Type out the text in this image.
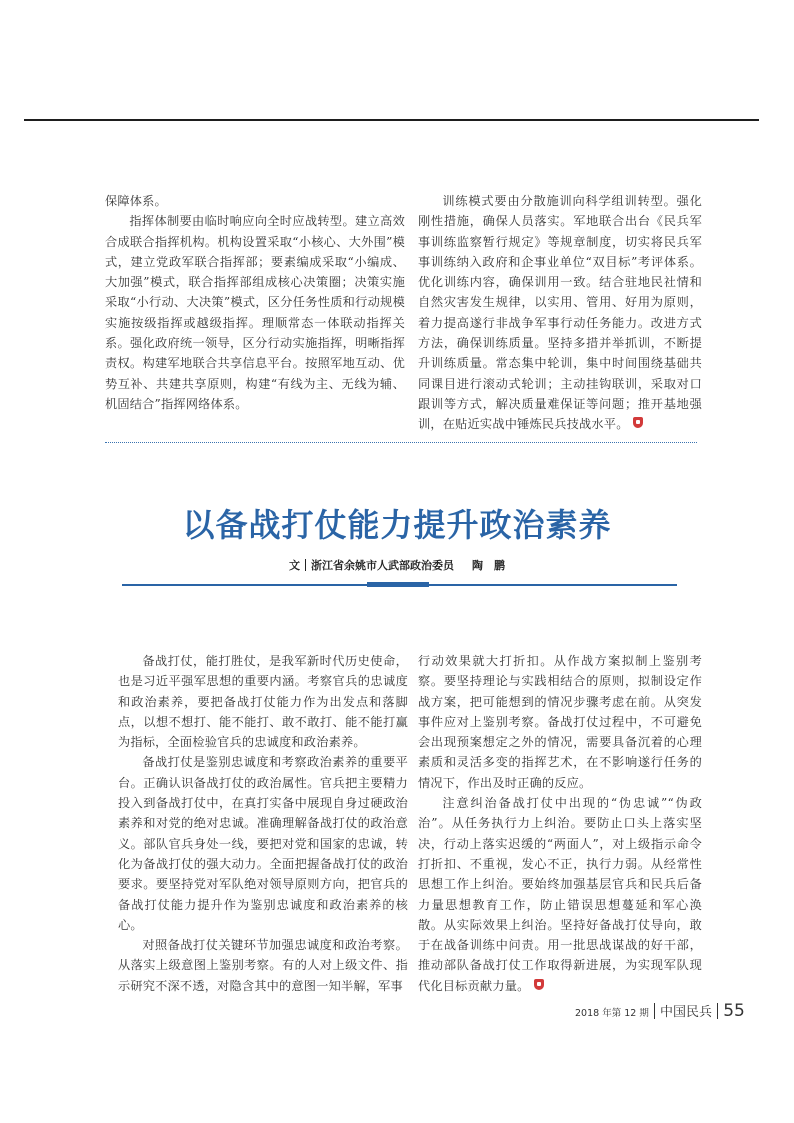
保障体系。

指挥体制要由临时响应向全时应战转型。建立高效合成联合指挥机构。机构设置采取“小核心、大外围”模式，建立党政军联合指挥部；要素编成采取“小编成、大加强”模式，联合指挥部组成核心决策圈；决策实施采取“小行动、大决策”模式，区分任务性质和行动规模实施按级指挥或越级指挥。理顺常态一体联动指挥关系。强化政府统一领导，区分行动实施指挥，明晰指挥责权。构建军地联合共享信息平台。按照军地互动、优势互补、共建共享原则，构建“有线为主、无线为辅、机固结合”指挥网络体系。

训练模式要由分散施训向科学组训转型。强化刚性措施，确保人员落实。军地联合出台《民兵军事训练监察暂行规定》等规章制度，切实将民兵军事训练纳入政府和企事业单位“双目标”考评体系。优化训练内容，确保训用一致。结合驻地民社情和自然灾害发生规律，以实用、管用、好用为原则，着力提高遂行非战争军事行动任务能力。改进方式方法，确保训练质量。坚持多措并举抓训，不断提升训练质量。常态集中轮训，集中时间围绕基础共同课目进行滚动式轮训；主动挂钩联训，采取对口跟训等方式，解决质量难保证等问题；推开基地强训，在贴近实战中锤炼民兵技战水平。

以备战打仗能力提升政治素养
文 浙江省余姚市人武部政治委员 陶　鹏

备战打仗，能打胜仗，是我军新时代历史使命，也是习近平强军思想的重要内涵。考察官兵的忠诚度和政治素养，要把备战打仗能力作为出发点和落脚点，以想不想打、能不能打、敢不敢打、能不能打赢为指标，全面检验官兵的忠诚度和政治素养。

备战打仗是鉴别忠诚度和考察政治素养的重要平台。正确认识备战打仗的政治属性。官兵把主要精力投入到备战打仗中，在真打实备中展现自身过硬政治素养和对党的绝对忠诚。准确理解备战打仗的政治意义。部队官兵身处一线，要把对党和国家的忠诚，转化为备战打仗的强大动力。全面把握备战打仗的政治要求。要坚持党对军队绝对领导原则方向，把官兵的备战打仗能力提升作为鉴别忠诚度和政治素养的核心。

对照备战打仗关键环节加强忠诚度和政治考察。从落实上级意图上鉴别考察。有的人对上级文件、指示研究不深不透，对隐含其中的意图一知半解，军事

行动效果就大打折扣。从作战方案拟制上鉴别考察。要坚持理论与实践相结合的原则，拟制设定作战方案，把可能想到的情况步骤考虑在前。从突发事件应对上鉴别考察。备战打仗过程中，不可避免会出现预案想定之外的情况，需要具备沉着的心理素质和灵活多变的指挥艺术，在不影响遂行任务的情况下，作出及时正确的反应。

注意纠治备战打仗中出现的“伪忠诚”“伪政治”。从任务执行力上纠治。要防止口头上落实坚决，行动上落实迟缓的“两面人”，对上级指示命令打折扣、不重视，发心不正，执行力弱。从经常性思想工作上纠治。要始终加强基层官兵和民兵后备力量思想教育工作，防止错误思想蔓延和军心涣散。从实际效果上纠治。坚持好备战打仗导向，敢于在战备训练中问责。用一批思战谋战的好干部，推动部队备战打仗工作取得新进展，为实现军队现代化目标贡献力量。

2018 年第 12 期 中国民兵 55
